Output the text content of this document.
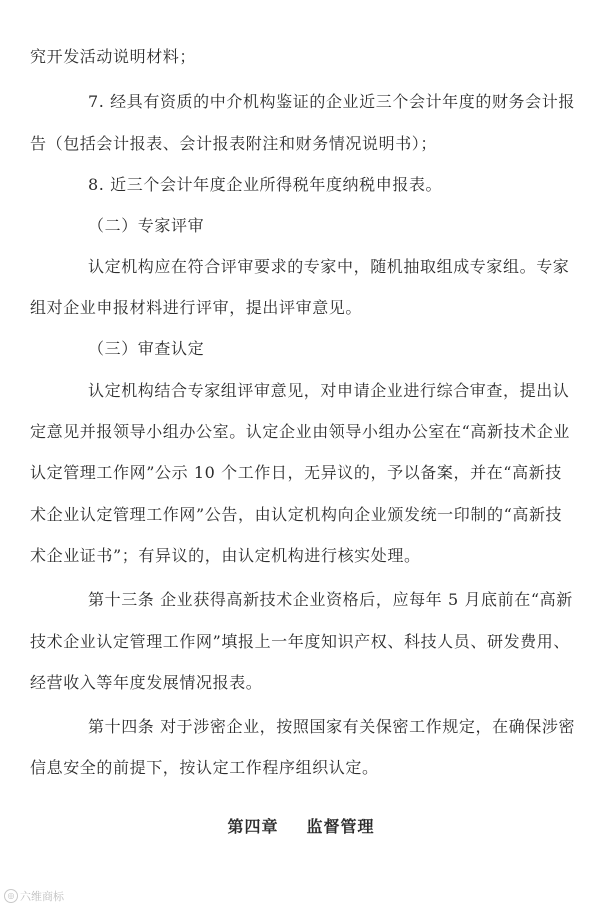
究开发活动说明材料；
7. 经具有资质的中介机构鉴证的企业近三个会计年度的财务会计报
告（包括会计报表、会计报表附注和财务情况说明书）；
8. 近三个会计年度企业所得税年度纳税申报表。
（二）专家评审
认定机构应在符合评审要求的专家中，随机抽取组成专家组。专家
组对企业申报材料进行评审，提出评审意见。
（三）审查认定
认定机构结合专家组评审意见，对申请企业进行综合审查，提出认
定意见并报领导小组办公室。认定企业由领导小组办公室在“高新技术企业
认定管理工作网”公示 10 个工作日，无异议的，予以备案，并在“高新技
术企业认定管理工作网”公告，由认定机构向企业颁发统一印制的“高新技
术企业证书”；有异议的，由认定机构进行核实处理。
第十三条 企业获得高新技术企业资格后，应每年 5 月底前在“高新
技术企业认定管理工作网”填报上一年度知识产权、科技人员、研发费用、
经营收入等年度发展情况报表。
第十四条 对于涉密企业，按照国家有关保密工作规定，在确保涉密
信息安全的前提下，按认定工作程序组织认定。
第四章 监督管理
◎ 六维商标
